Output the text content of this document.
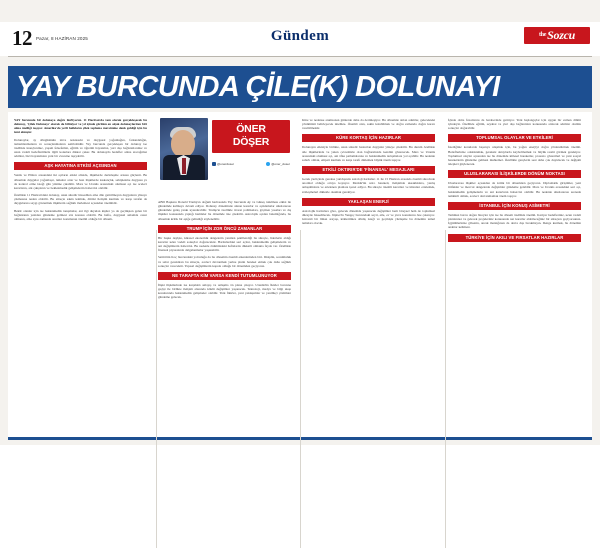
12 Pazar, 8 HAZİRAN 2025	Gündem	$^{the}$Sozcu
YAY BURCUNDA ÇİLE(K) DOLUNAYI

YAY burcunda bir dolunaya doğru ilerliyoruz. 11 Haziran'da tam olarak gerçekleşecek bu dolunay, 'Çilek Dolunayı' olarak da biliniyor ve yıl içinde görülen en alçak dolunaylardan biri olma özelliği taşıyor. Amerika'da yerli halkların çilek toplama mevsimine denk geldiği için bu ismi almıştır.

Dolunaylar, ay döngüsünün zirve noktasıdır ve duygusal yoğunluğun, farkındalığın, tamamlanmaların ve sonuçlanmaların sembolüdür. Yay burcunda gerçekleşen bir dolunay ise özellikle inançlarımız, yaşam felsefemiz, eğitim ve öğretim hayatımız, yurt dışı bağlantılarımız ve uzun vadeli hedeflerimizle ilgili konulara dikkat çeker. Bu dolunayda hedefler adına atacağımız adımlar, bizi hayatımızın yeni bir evresine taşıyabilir.

AŞK HAYATINA ETKİSİ AÇISINDAN

Venüs ve Plüton arasındaki iki açıların etkisi altında, ilişkilerde derinleşme arzusu güçlenir. Bu dönemde duygular yoğunlaşır, tutkular artar ve bazı ilişkilerde kıskançlık, sahiplenme duygusu ya da kontrol etme isteği gün yüzüne çıkabilir. Mars ve Uranüs arasındaki olumsuz açı ise aceleci kararların, ani çıkışların ve beklenmedik gelişmelerin habercisi olabilir.

Özellikle 11 Haziran'daki dolunay, uzun süredir hissedilen ama dile getirilmeyen duyguların yüzeye çıkmasına neden olabilir. Bu süreçte sakin kalmak, dürüst iletişim kurmak ve karşı tarafın da duygularına saygı göstermek ilişkilerin sağlıklı ilerlemesi açısından önemlidir.

Bekâr olanlar için ise beklenmedik tanışmalar, ani ilgi duyulan kişiler ya da geçmişten gelen bir bağlantının yeniden gündeme gelmesi söz konusu olabilir. Bu hafta, duygusal anlamda cesur olmanın, ama aynı zamanda sınırları korumanın önemli olduğu bir dönem.

ÖNER
DÖŞER
@onerdoser	@oner_doser

ABD Başkanı Donald Trump'ın doğum haritasında Yay burcunda Ay ve Güneş tutulması etkisi ile gündemde kalmaya devam ediyor. Dolunay döneminde alınan kararlar ve açıklamalar uluslararası gündemde geniş yankı uyandırabilir. Trump'ın özellikle ticaret politikaları, göçmen yasaları ve dış ilişkiler konusunda yaptığı hamleler bu dönemde öne çıkabilir. Astrolojik açıdan bakıldığında, bu dönemde kritik bir eşiğe gelindiği söylenebilir.

TRUMP İÇİN ZOR ÖNCÜ ZAMANLAR

Bir başka deyişle, küresel ekonomik dengelerin yeniden şekillendiği bu süreçte, liderlerin aldığı kararlar uzun vadeli sonuçlar doğuracaktır. Haritalardaki sert açılar, beklenmedik gelişmelerin ve ani değişimlerin habercisi. Bu nedenle önümüzdeki haftalarda dikkatli olmakta fayda var. Özellikle finansal piyasalarda dalgalanmalar yaşanabilir.

Satürn'ün Koç burcundaki yolculuğu da bu dönemin önemli etkenlerinden biri. Disiplin, sorumluluk ve sabır gerektiren bu süreçte, aceleci davranmak yerine planlı hareket etmek çok daha sağlıklı sonuçlar verecektir. Yapısal değişimlerin kapıda olduğu bir dönemden geçiyoruz.

NE TARAFTA KİM VARSA KENDİ TUTUMLUNUYOR

İlişki ilişkilerinde ise karşılıklı anlayış ve uzlaşma ön plana çıkıyor. Uranüs'ün İkizler burcuna geçişi ile birlikte iletişim alanında köklü değişimler yaşanacak. Teknoloji, medya ve bilgi akışı konularında beklenmedik gelişmeler olabilir. Yeni fikirler, yeni yaklaşımlar ve yenilikçi çözümler gündeme gelecek.

Küre ve nedense anımsanan günlerde daha da derinleşiyor. Bu dönemde atılan adımlar, gelecekteki yönümüzü belirleyecek nitelikte. Önemli olan, sakin kalabilmek ve doğru zamanda doğru kararı verebilmektir.

KÜRE KORTAŞ İÇİN HAZIRLAR

Dolunayın etkisiyle birlikte, uzun süredir bastırılan duygular yüzeye çıkabilir. Bu durum özellikle aile ilişkilerinde ve yakın çevremizle olan bağlarımızda kendini gösterecek. Mars ve Uranüs arasındaki olumsuz açı, ani öfke patlamalarına ve beklenmedik tartışmalara yol açabilir. Bu nedenle sabırlı olmak, empati kurmak ve karşı tarafı dinlemek büyük önem taşıyor.

ETKİLİ OKTIRIR'DE 'FİNANSAL' MESAJLARI

Gerek yurtiçinde gerekse yurtdışında astroloji haritaları 11 ile 15 Haziran arasında önemli sürecinde anormal olduğu ortaya koyuyor. Merkür'ün retro hareketi, iletişimde aksaklıklara, yanlış anlaşılmalara ve ertelenen planlara işaret ediyor. Bu süreçte önemli kararları ve imzaları ertelemek, sözleşmeleri dikkatle okumak gerekiyor.

YAKLAŞAN ENERJİ

Astrolojik haritalara göre, gelecek dönemde yaşanacak değişimler hem bireysel hem de toplumsal düzeyde hissedilecek. Jüpiter'in Yengeç burcundaki seyri, aile, ev ve yuva konularını öne çıkarıyor. Güvenli bir liman arayışı, köklerimize dönüş isteği ve geçmişle yüzleşme bu dönemin temel temaları olacak.

İçinde olma fırsatlarını da beraberinde getiriyor. Yeni başlangıçlar için uygun bir zaman dilimi içindeyiz. Özellikle eğitim, seyahat ve yurt dışı bağlantıları konusunda atılacak adımlar olumlu sonuçlar doğurabilir.

TOPLUMSAL OLAYLAR VE ETKİLERİ

İstediğiniz konularda başarıya ulaşmak için, bu yoğun enerjiyi doğru yönlendirmek önemli. Hedeflerinize odaklanmak, gereksiz detaylarda kaybolmamak ve büyük resmi görmek gerekiyor. Toplumsal olaylar açısından ise bu dönemde kitlesel hareketler, protesto gösterileri ve yeni sosyal hareketlerin gündeme gelmesi muhtemel. Özellikle gençlerin sesi daha çok duyulacak ve değişim talepleri güçlenecek.

ULUSLARARASI İLİŞKİLERDE DÖNÜM NOKTASI

Uluslararası ilişkiler açısından da kritik bir dönemden geçiyoruz. Diplomatik girişimler, yeni ittifaklar ve mevcut dengelerde değişimler gündeme gelebilir. Mars ve Uranüs arasındaki sert açı, beklenmedik gelişmelerin ve ani kararların habercisi olabilir. Bu nedenle uluslararası arenada temkinli olmak, aceleci davranmamak önem taşıyor.

İSTANBUL İÇİN KONUŞ ASİMETRİ

Temmuz burcu doğan bireyler için ise bu dönem özellikle önemli. Kariyer hedefleriniz, uzun vadeli planlarınız ve gelecek projeleriniz konusunda net kararlar alabileceğiniz bir süreçten geçiyorsunuz. İçgüdülerinize güvenin, ancak mantığınızı da devre dışı bırakmayın. Denge kurmak, bu dönemin anahtar kelimesi.

TÜRKİYE İÇİN AKILI VE FIRSATLAR HAZIRLAR
